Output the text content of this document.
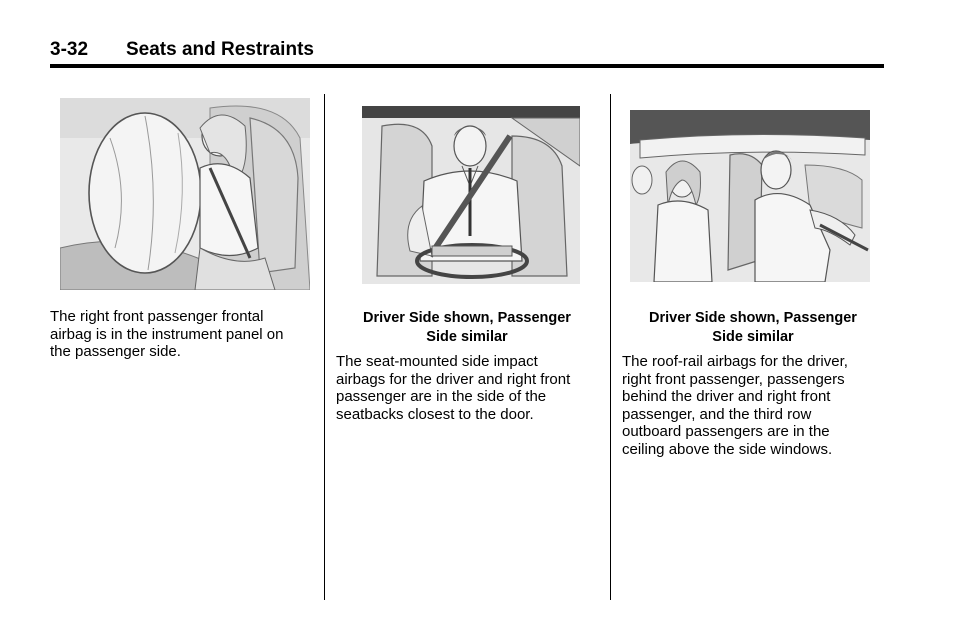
3-32 Seats and Restraints
The right front passenger frontal
airbag is in the instrument panel on
the passenger side.
Driver Side shown, Passenger
Side similar
The seat-mounted side impact
airbags for the driver and right front
passenger are in the side of the
seatbacks closest to the door.
Driver Side shown, Passenger
Side similar
The roof-rail airbags for the driver,
right front passenger, passengers
behind the driver and right front
passenger, and the third row
outboard passengers are in the
ceiling above the side windows.
